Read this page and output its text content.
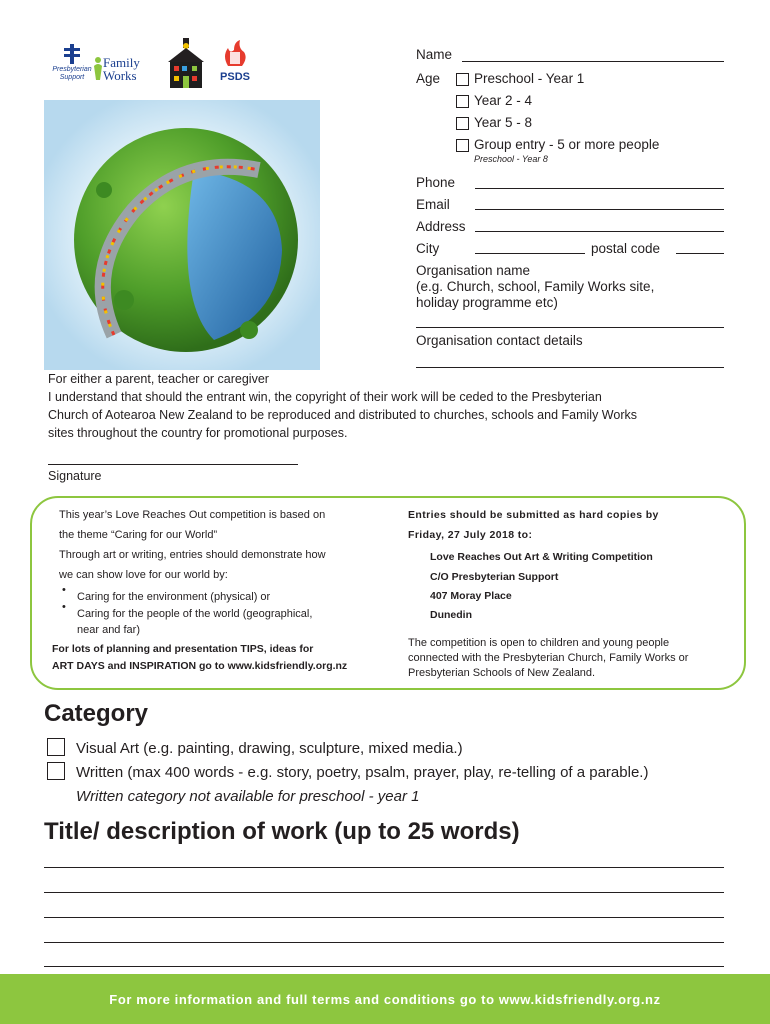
Presbyterian Support
Family
Works	PSDS
Name
Age	Preschool - Year 1
Year 2 - 4
Year 5 - 8
Group entry - 5 or more people
Preschool - Year 8
Phone
Email
Address
City	postal code
Organisation name
(e.g. Church, school, Family Works site,
holiday programme etc)
Organisation contact details
For either a parent, teacher or caregiver
I understand that should the entrant win, the copyright of their work will be ceded to the Presbyterian
Church of Aotearoa New Zealand to be reproduced and distributed to churches, schools and Family Works
sites throughout the country for promotional purposes.
Signature
This year’s Love Reaches Out competition is based on
the theme “Caring for our World”
Through art or writing, entries should demonstrate how
we can show love for our world by:
•
Caring for the environment (physical) or
•
Caring for the people of the world (geographical,
near and far)
For lots of planning and presentation TIPS, ideas for
ART DAYS and INSPIRATION go to www.kidsfriendly.org.nz
Entries should be submitted as hard copies by
Friday, 27 July 2018 to:
Love Reaches Out Art & Writing Competition
C/O Presbyterian Support
407 Moray Place
Dunedin
The competition is open to children and young people
connected with the Presbyterian Church, Family Works or
Presbyterian Schools of New Zealand.
Category
Visual Art (e.g. painting, drawing, sculpture, mixed media.)
Written (max 400 words - e.g. story, poetry, psalm, prayer, play, re-telling of a parable.)
Written category not available for preschool - year 1
Title/ description of work (up to 25 words)
For more information and full terms and conditions go to www.kidsfriendly.org.nz
